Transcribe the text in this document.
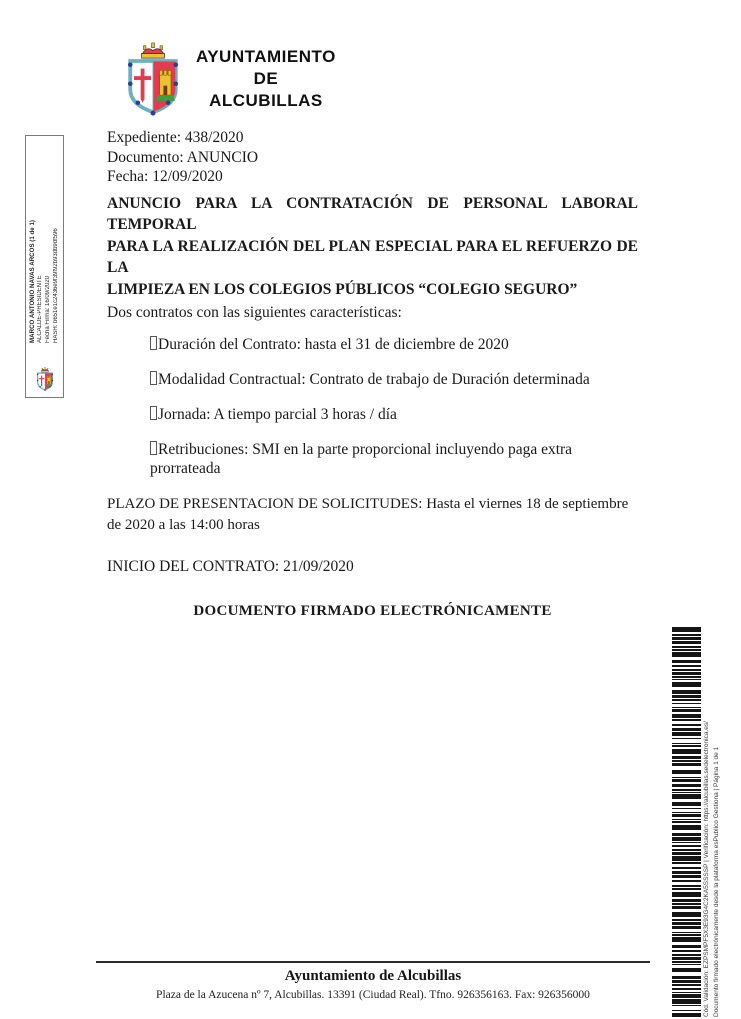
MARCO ANTONIO NAVAS ARCOS (1 de 1) ALCALDE-PRESIDENTE Fecha Firma: 16/09/2020 HASH: b651e1c2436e9f39f92b93db9df596
AYUNTAMIENTO
DE
ALCUBILLAS
Expediente: 438/2020
Documento: ANUNCIO
Fecha: 12/09/2020
ANUNCIO PARA LA CONTRATACIÓN DE PERSONAL LABORAL TEMPORAL
PARA LA REALIZACIÓN DEL PLAN ESPECIAL PARA EL REFUERZO DE LA
LIMPIEZA EN LOS COLEGIOS PÚBLICOS “COLEGIO SEGURO”
Dos contratos con las siguientes características:
Duración del Contrato: hasta el 31 de diciembre de 2020
Modalidad Contractual: Contrato de trabajo de Duración determinada
Jornada: A tiempo parcial 3 horas / día
Retribuciones: SMI en la parte proporcional incluyendo paga extra prorrateada
PLAZO DE PRESENTACION DE SOLICITUDES: Hasta el viernes 18 de septiembre de 2020 a las 14:00 horas
INICIO DEL CONTRATO: 21/09/2020
DOCUMENTO FIRMADO ELECTRÓNICAMENTE
Cód. Validación: EZPSMPF5X3E93G4C2KA5SSSSP | Verificación: https://alcubillas.sedelectronica.es/ Documento firmado electrónicamente desde la plataforma esPublico Gestiona | Página 1 de 1
Ayuntamiento de Alcubillas
Plaza de la Azucena nº 7, Alcubillas. 13391 (Ciudad Real). Tfno. 926356163. Fax: 926356000
